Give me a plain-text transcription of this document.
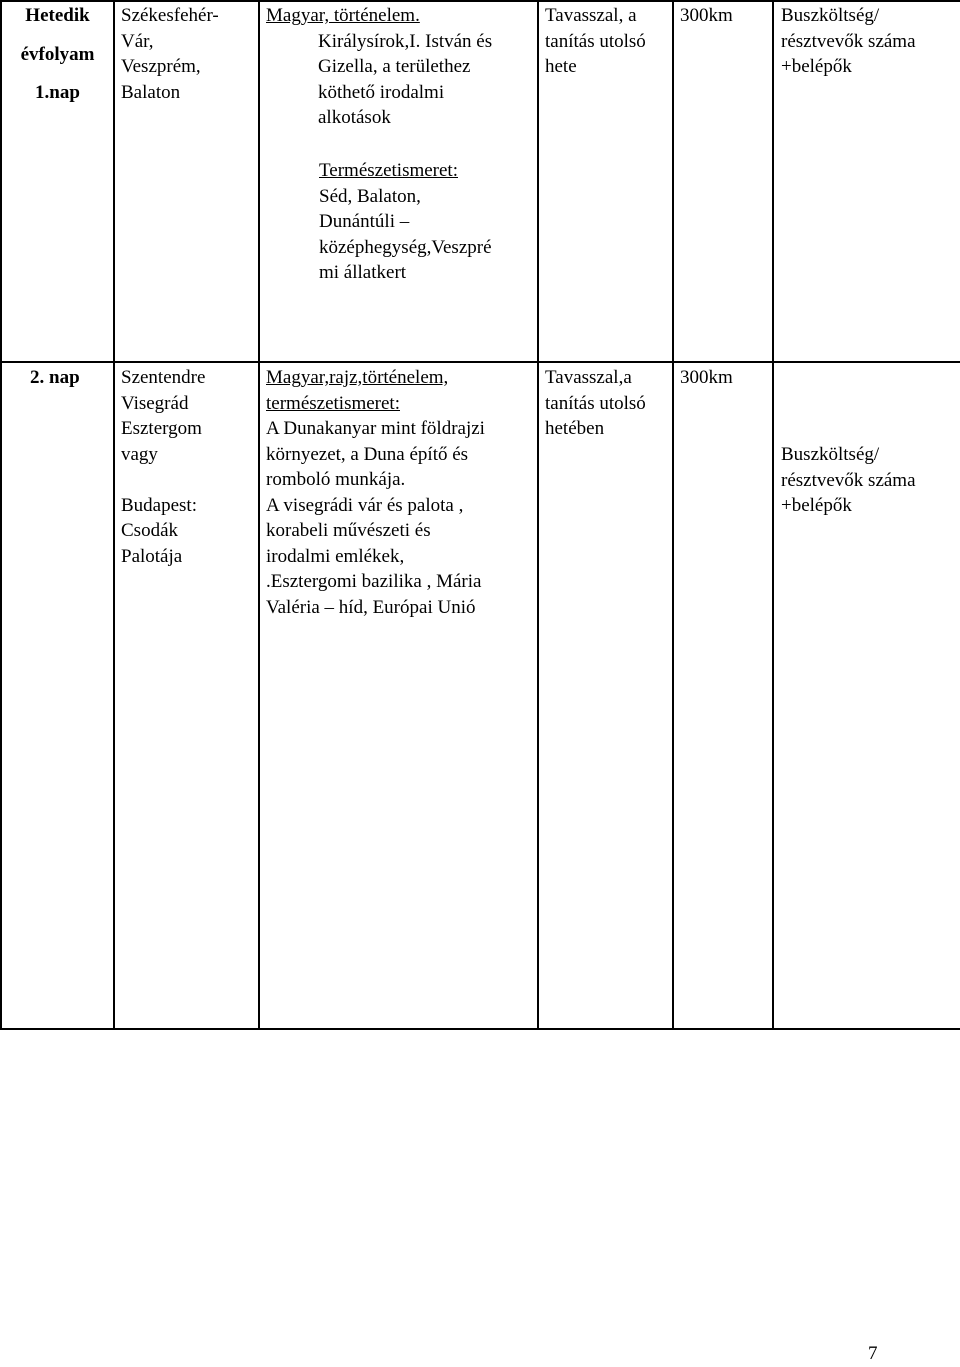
Hetedik
évfolyam
1.nap
Székesfehér-
Vár,
Veszprém,
Balaton
Magyar, történelem.
Királysírok,I. István és
Gizella, a területhez
köthető irodalmi
alkotások
Természetismeret:
Séd, Balaton,
Dunántúli –
középhegység,Veszpré
mi állatkert
Tavasszal, a
tanítás utolsó
hete
300km	Buszköltség/
résztvevők száma
+belépők
2. nap Szentendre
Visegrád
Esztergom
vagy
Budapest:
Csodák
Palotája
Magyar,rajz,történelem,
természetismeret:
A Dunakanyar mint földrajzi
környezet, a Duna építő és
romboló munkája.
A visegrádi vár és palota ,
korabeli művészeti és
irodalmi emlékek,
.Esztergomi bazilika , Mária
Valéria – híd, Európai Unió
Tavasszal,a
tanítás utolsó
hetében
300km
Buszköltség/
résztvevők száma
+belépők
7
